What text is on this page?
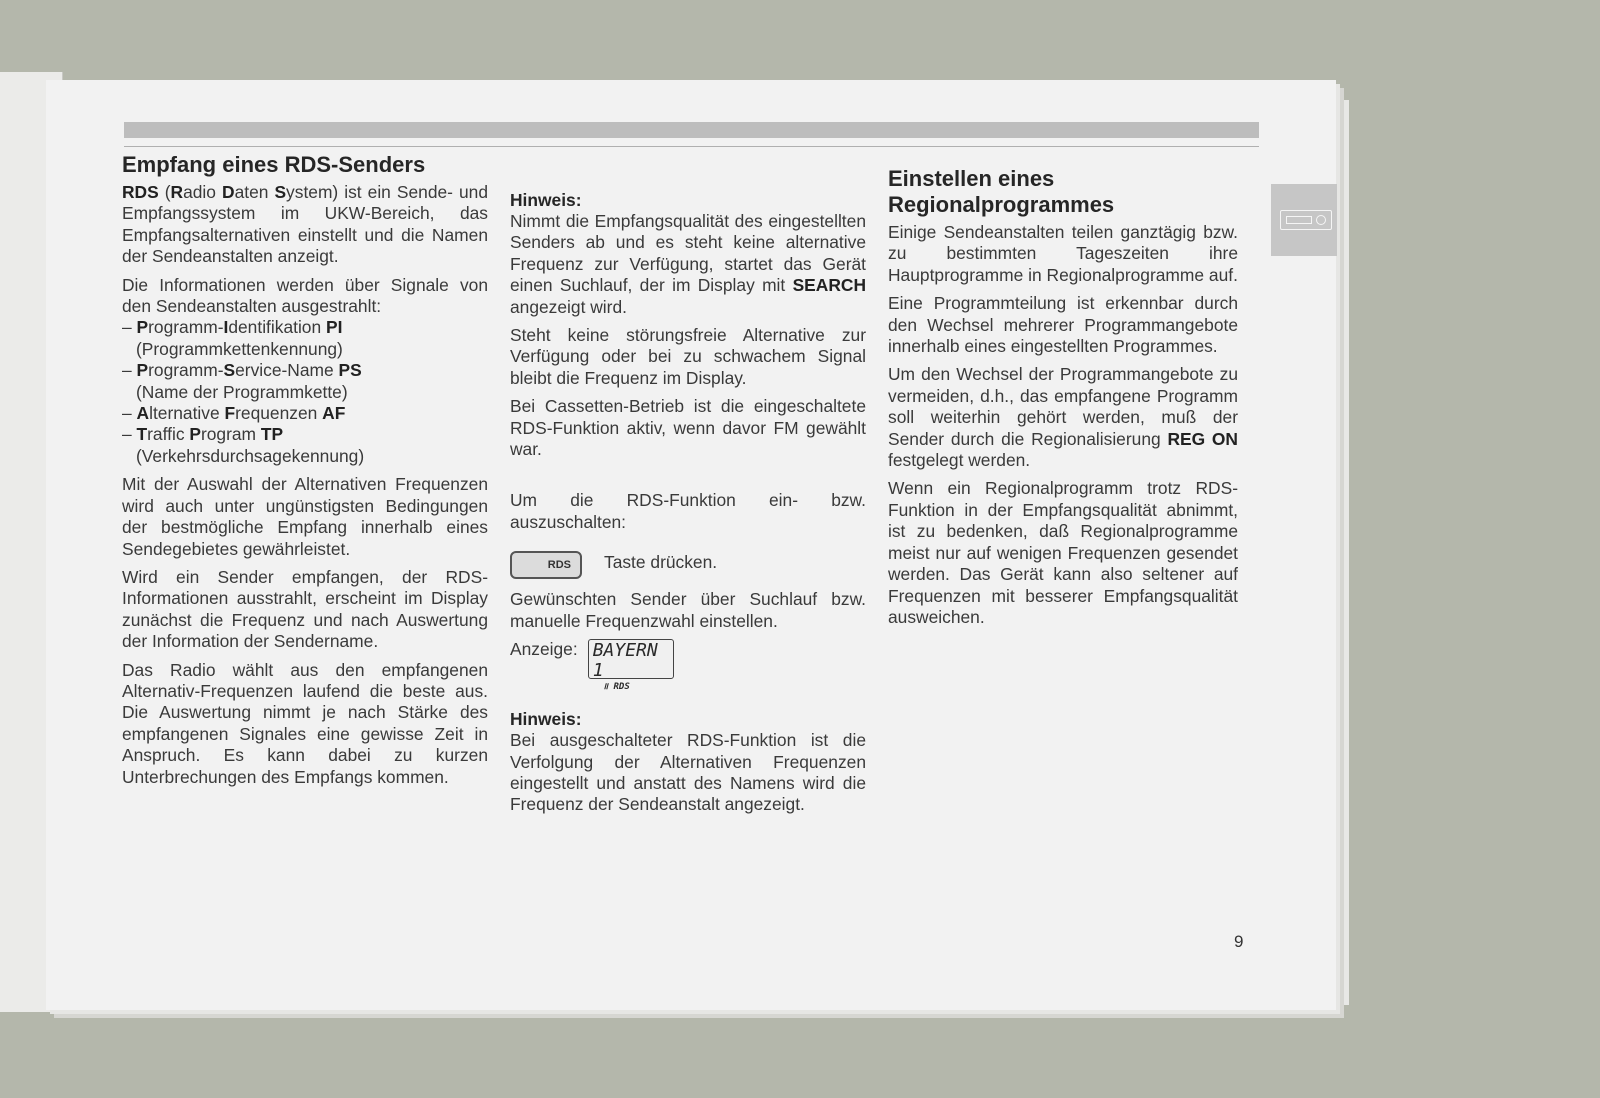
Empfang eines RDS-Senders

RDS (Radio Daten System) ist ein Sende- und Empfangssystem im UKW-Bereich, das Empfangsalternativen einstellt und die Namen der Sendeanstalten anzeigt.

Die Informationen werden über Signale von den Sendeanstalten ausgestrahlt:

– Programm-Identifikation PI
(Programmkettenkennung)
– Programm-Service-Name PS
(Name der Programmkette)
– Alternative Frequenzen AF
– Traffic Program TP
(Verkehrsdurchsagekennung)

Mit der Auswahl der Alternativen Frequenzen wird auch unter ungünstigsten Bedingungen der bestmögliche Empfang innerhalb eines Sendegebietes gewährleistet.

Wird ein Sender empfangen, der RDS-Informationen ausstrahlt, erscheint im Display zunächst die Frequenz und nach Auswertung der Information der Sendername.

Das Radio wählt aus den empfangenen Alternativ-Frequenzen laufend die beste aus. Die Auswertung nimmt je nach Stärke des empfangenen Signales eine gewisse Zeit in Anspruch. Es kann dabei zu kurzen Unterbrechungen des Empfangs kommen.

Hinweis:

Nimmt die Empfangsqualität des eingestellten Senders ab und es steht keine alternative Frequenz zur Verfügung, startet das Gerät einen Suchlauf, der im Display mit SEARCH angezeigt wird.

Steht keine störungsfreie Alternative zur Verfügung oder bei zu schwachem Signal bleibt die Frequenz im Display.

Bei Cassetten-Betrieb ist die eingeschaltete RDS-Funktion aktiv, wenn davor FM gewählt war.

Um die RDS-Funktion ein- bzw. auszuschalten:

RDS Taste drücken.

Gewünschten Sender über Suchlauf bzw. manuelle Frequenzwahl einstellen.

Anzeige: BAYERN 1
॥ RDS
Hinweis:

Bei ausgeschalteter RDS-Funktion ist die Verfolgung der Alternativen Frequenzen eingestellt und anstatt des Namens wird die Frequenz der Sendeanstalt angezeigt.

Einstellen eines Regionalprogrammes

Einige Sendeanstalten teilen ganztägig bzw. zu bestimmten Tageszeiten ihre Hauptprogramme in Regionalprogramme auf.

Eine Programmteilung ist erkennbar durch den Wechsel mehrerer Programmangebote innerhalb eines eingestellten Programmes.

Um den Wechsel der Programmangebote zu vermeiden, d.h., das empfangene Programm soll weiterhin gehört werden, muß der Sender durch die Regionalisierung REG ON festgelegt werden.

Wenn ein Regionalprogramm trotz RDS-Funktion in der Empfangsqualität abnimmt, ist zu bedenken, daß Regionalprogramme meist nur auf wenigen Frequenzen gesendet werden. Das Gerät kann also seltener auf Frequenzen mit besserer Empfangsqualität ausweichen.

9
